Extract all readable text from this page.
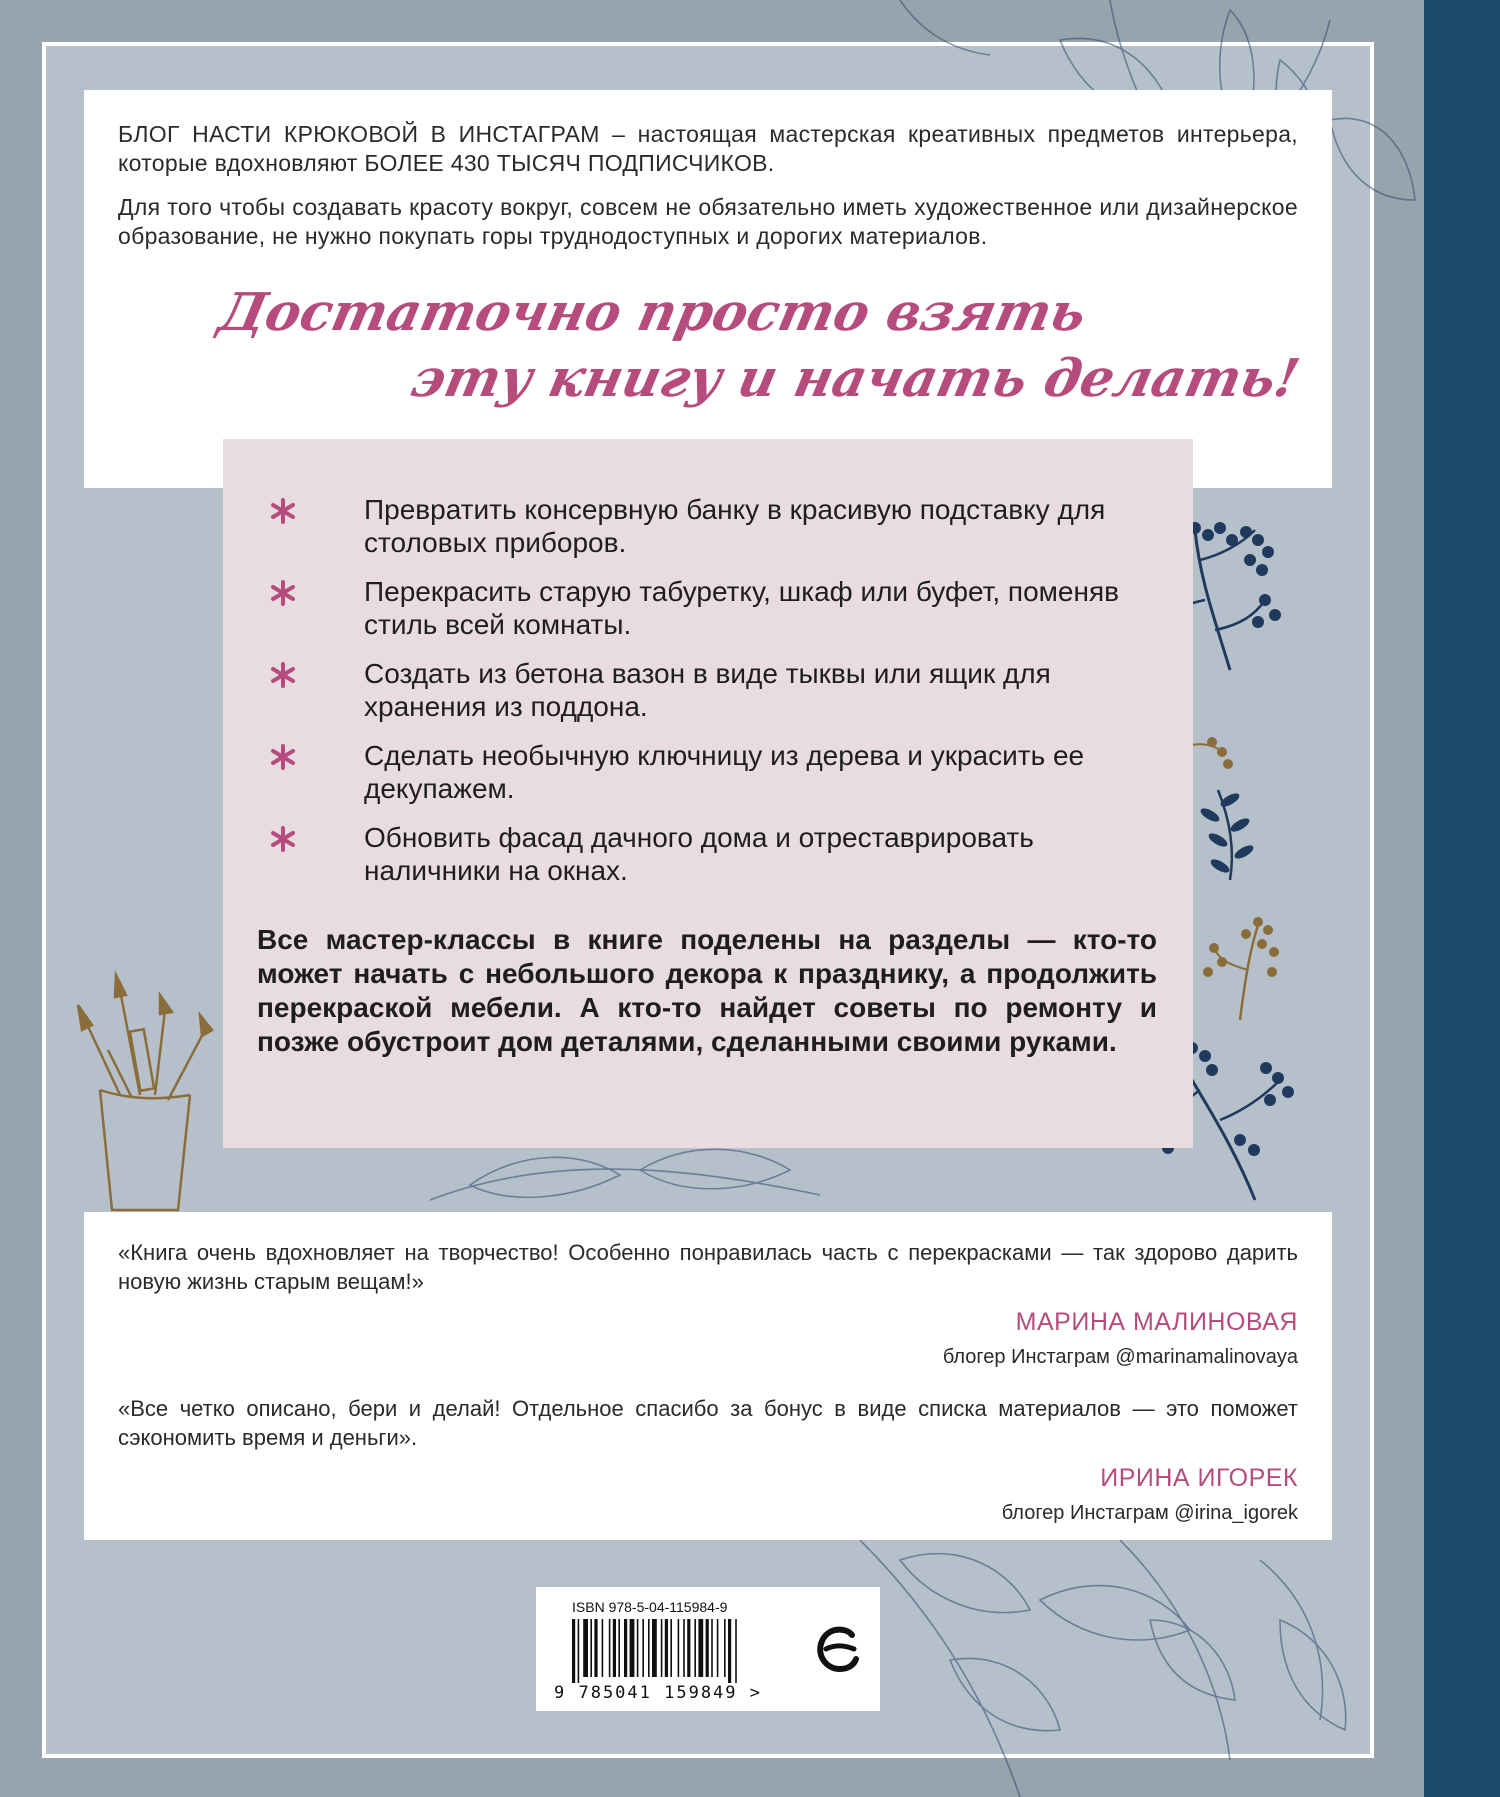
БЛОГ НАСТИ КРЮКОВОЙ В ИНСТАГРАМ – настоящая мастерская креативных предметов интерьера, которые вдохновляют БОЛЕЕ 430 ТЫСЯЧ ПОДПИСЧИКОВ.

Для того чтобы создавать красоту вокруг, совсем не обязательно иметь художественное или дизайнерское образование, не нужно покупать горы труднодоступных и дорогих материалов.

Достаточно просто взять
эту книгу и начать делать!

Превратить консервную банку в красивую подставку для столовых приборов.

Перекрасить старую табуретку, шкаф или буфет, поменяв стиль всей комнаты.

Создать из бетона вазон в виде тыквы или ящик для хранения из поддона.

Сделать необычную ключницу из дерева и украсить ее декупажем.

Обновить фасад дачного дома и отреставрировать наличники на окнах.

Все мастер-классы в книге поделены на разделы — кто-то может начать с небольшого декора к празднику, а продолжить перекраской мебели. А кто-то найдет советы по ремонту и позже обустроит дом деталями, сделанными своими руками.

«Книга очень вдохновляет на творчество! Особенно понравилась часть с перекрасками — так здорово дарить новую жизнь старым вещам!»

МАРИНА МАЛИНОВАЯ

блогер Инстаграм @marinamalinovaya

«Все четко описано, бери и делай! Отдельное спасибо за бонус в виде списка материалов — это поможет сэкономить время и деньги».

ИРИНА ИГОРЕК

блогер Инстаграм @irina_igorek

ISBN 978-5-04-115984-9

9 785041 159849 >
